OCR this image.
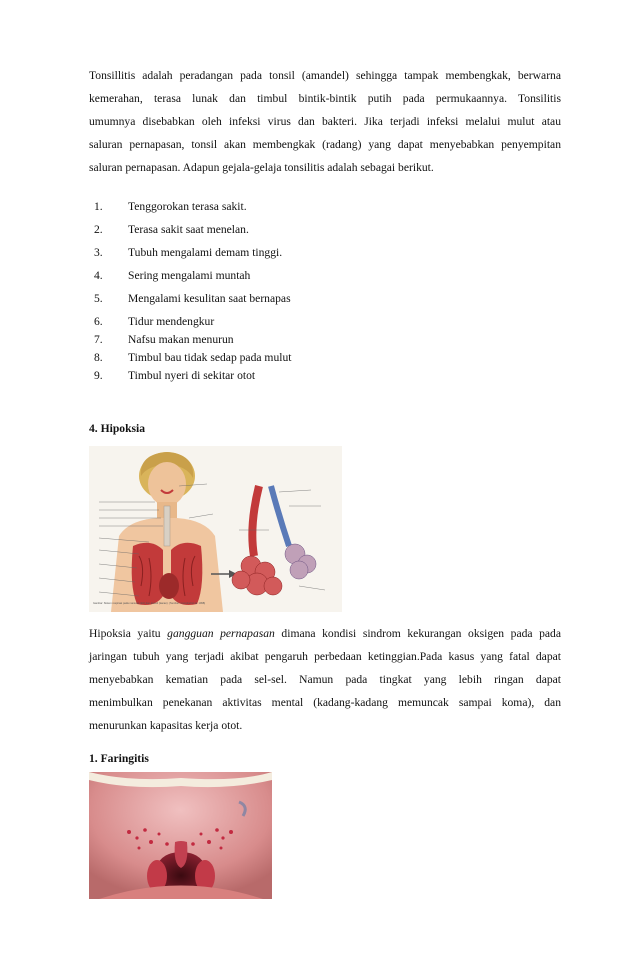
Tonsillitis adalah peradangan pada tonsil (amandel) sehingga tampak membengkak, berwarna
kemerahan, terasa lunak dan timbul bintik-bintik putih pada permukaannya. Tonsilitis
umumnya disebabkan oleh infeksi virus dan bakteri. Jika terjadi infeksi melalui mulut atau
saluran pernapasan, tonsil akan membengkak (radang) yang dapat menyebabkan penyempitan
saluran pernapasan. Adapun gejala-gelaja tonsilitis adalah sebagai berikut.
1.	Tenggorokan terasa sakit.
2.	Terasa sakit saat menelan.
3.	Tubuh mengalami demam tinggi.
4.	Sering mengalami muntah
5.	Mengalami kesulitan saat bernapas
6.	Tidur mendengkur
7.	Nafsu makan menurun
8.	Timbul bau tidak sedap pada mulut
9.	Timbul nyeri di sekitar otot

4. Hipoksia

Gambar: Sistem respirasi pada manusia (kiri) dan alveoli (kanan). (Sumber: Campbell et al. 1998)
Hipoksia yaitu gangguan pernapasan dimana kondisi sindrom kekurangan oksigen pada pada
jaringan tubuh yang terjadi akibat pengaruh perbedaan ketinggian.Pada kasus yang fatal dapat
menyebabkan kematian pada sel-sel. Namun pada tingkat yang lebih ringan dapat
menimbulkan penekanan aktivitas mental (kadang-kadang memuncak sampai koma), dan
menurunkan kapasitas kerja otot.

1. Faringitis
